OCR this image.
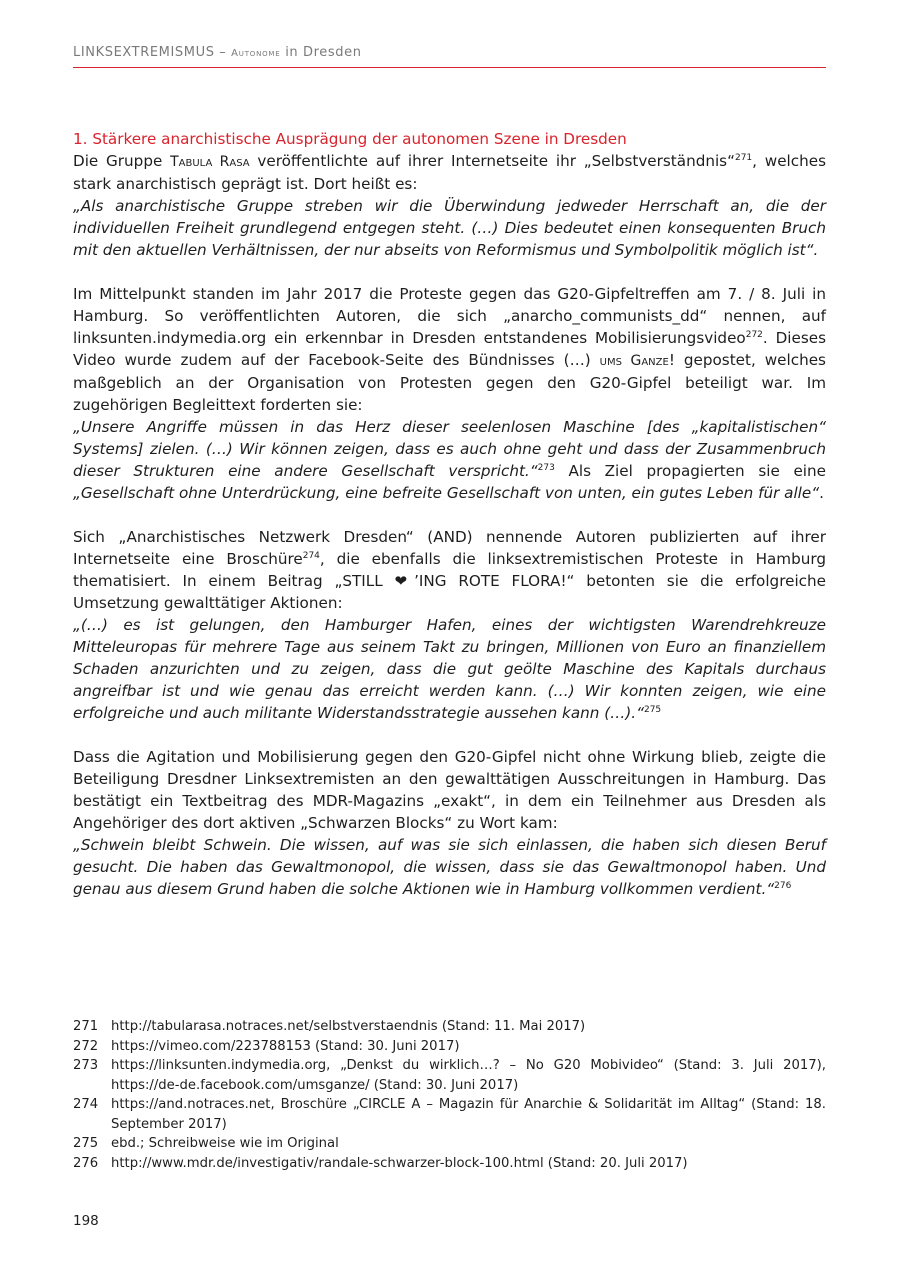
LINKSEXTREMISMUS – Autonome in Dresden
1. Stärkere anarchistische Ausprägung der autonomen Szene in Dresden

Die Gruppe Tabula Rasa veröffentlichte auf ihrer Internetseite ihr „Selbstverständnis“$^{271}$, welches stark anarchistisch geprägt ist. Dort heißt es:

„Als anarchistische Gruppe streben wir die Überwindung jedweder Herrschaft an, die der individuellen Freiheit grundlegend entgegen steht. (…) Dies bedeutet einen konsequenten Bruch mit den aktuellen Verhältnissen, der nur abseits von Reformismus und Symbolpolitik möglich ist“.

Im Mittelpunkt standen im Jahr 2017 die Proteste gegen das G20-Gipfeltreffen am 7. / 8. Juli in Hamburg. So veröffentlichten Autoren, die sich „anarcho_communists_dd“ nennen, auf linksunten.indymedia.org ein erkennbar in Dresden entstandenes Mobilisierungsvideo$^{272}$. Dieses Video wurde zudem auf der Facebook-Seite des Bündnisses (…) ums Ganze! gepostet, welches maßgeblich an der Organisation von Protesten gegen den G20-Gipfel beteiligt war. Im zugehörigen Begleittext forderten sie:

„Unsere Angriffe müssen in das Herz dieser seelenlosen Maschine [des „kapitalistischen“ Systems] zielen. (…) Wir können zeigen, dass es auch ohne geht und dass der Zusammenbruch dieser Strukturen eine andere Gesellschaft verspricht.“$^{273}$ Als Ziel propagierten sie eine „Gesellschaft ohne Unterdrückung, eine befreite Gesellschaft von unten, ein gutes Leben für alle“.

Sich „Anarchistisches Netzwerk Dresden“ (AND) nennende Autoren publizierten auf ihrer Internetseite eine Broschüre$^{274}$, die ebenfalls die linksextremistischen Proteste in Hamburg thematisiert. In einem Beitrag „STILL ❤’ING ROTE FLORA!“ betonten sie die erfolgreiche Umsetzung gewalttätiger Aktionen:

„(…) es ist gelungen, den Hamburger Hafen, eines der wichtigsten Warendrehkreuze Mitteleuropas für mehrere Tage aus seinem Takt zu bringen, Millionen von Euro an finanziellem Schaden anzurichten und zu zeigen, dass die gut geölte Maschine des Kapitals durchaus angreifbar ist und wie genau das erreicht werden kann. (…) Wir konnten zeigen, wie eine erfolgreiche und auch militante Widerstandsstrategie aussehen kann (…).“$^{275}$

Dass die Agitation und Mobilisierung gegen den G20-Gipfel nicht ohne Wirkung blieb, zeigte die Beteiligung Dresdner Linksextremisten an den gewalttätigen Ausschreitungen in Hamburg. Das bestätigt ein Textbeitrag des MDR-Magazins „exakt“, in dem ein Teilnehmer aus Dresden als Angehöriger des dort aktiven „Schwarzen Blocks“ zu Wort kam:

„Schwein bleibt Schwein. Die wissen, auf was sie sich einlassen, die haben sich diesen Beruf gesucht. Die haben das Gewaltmonopol, die wissen, dass sie das Gewaltmonopol haben. Und genau aus diesem Grund haben die solche Aktionen wie in Hamburg vollkommen verdient.“$^{276}$

271 http://tabularasa.notraces.net/selbstverstaendnis (Stand: 11. Mai 2017)
272 https://vimeo.com/223788153 (Stand: 30. Juni 2017)
273 https://linksunten.indymedia.org, „Denkst du wirklich…? – No G20 Mobivideo“ (Stand: 3. Juli 2017), https://de-de.facebook.com/umsganze/ (Stand: 30. Juni 2017)
274 https://and.notraces.net, Broschüre „CIRCLE A – Magazin für Anarchie & Solidarität im Alltag“ (Stand: 18. September 2017)
275 ebd.; Schreibweise wie im Original
276 http://www.mdr.de/investigativ/randale-schwarzer-block-100.html (Stand: 20. Juli 2017)
198
